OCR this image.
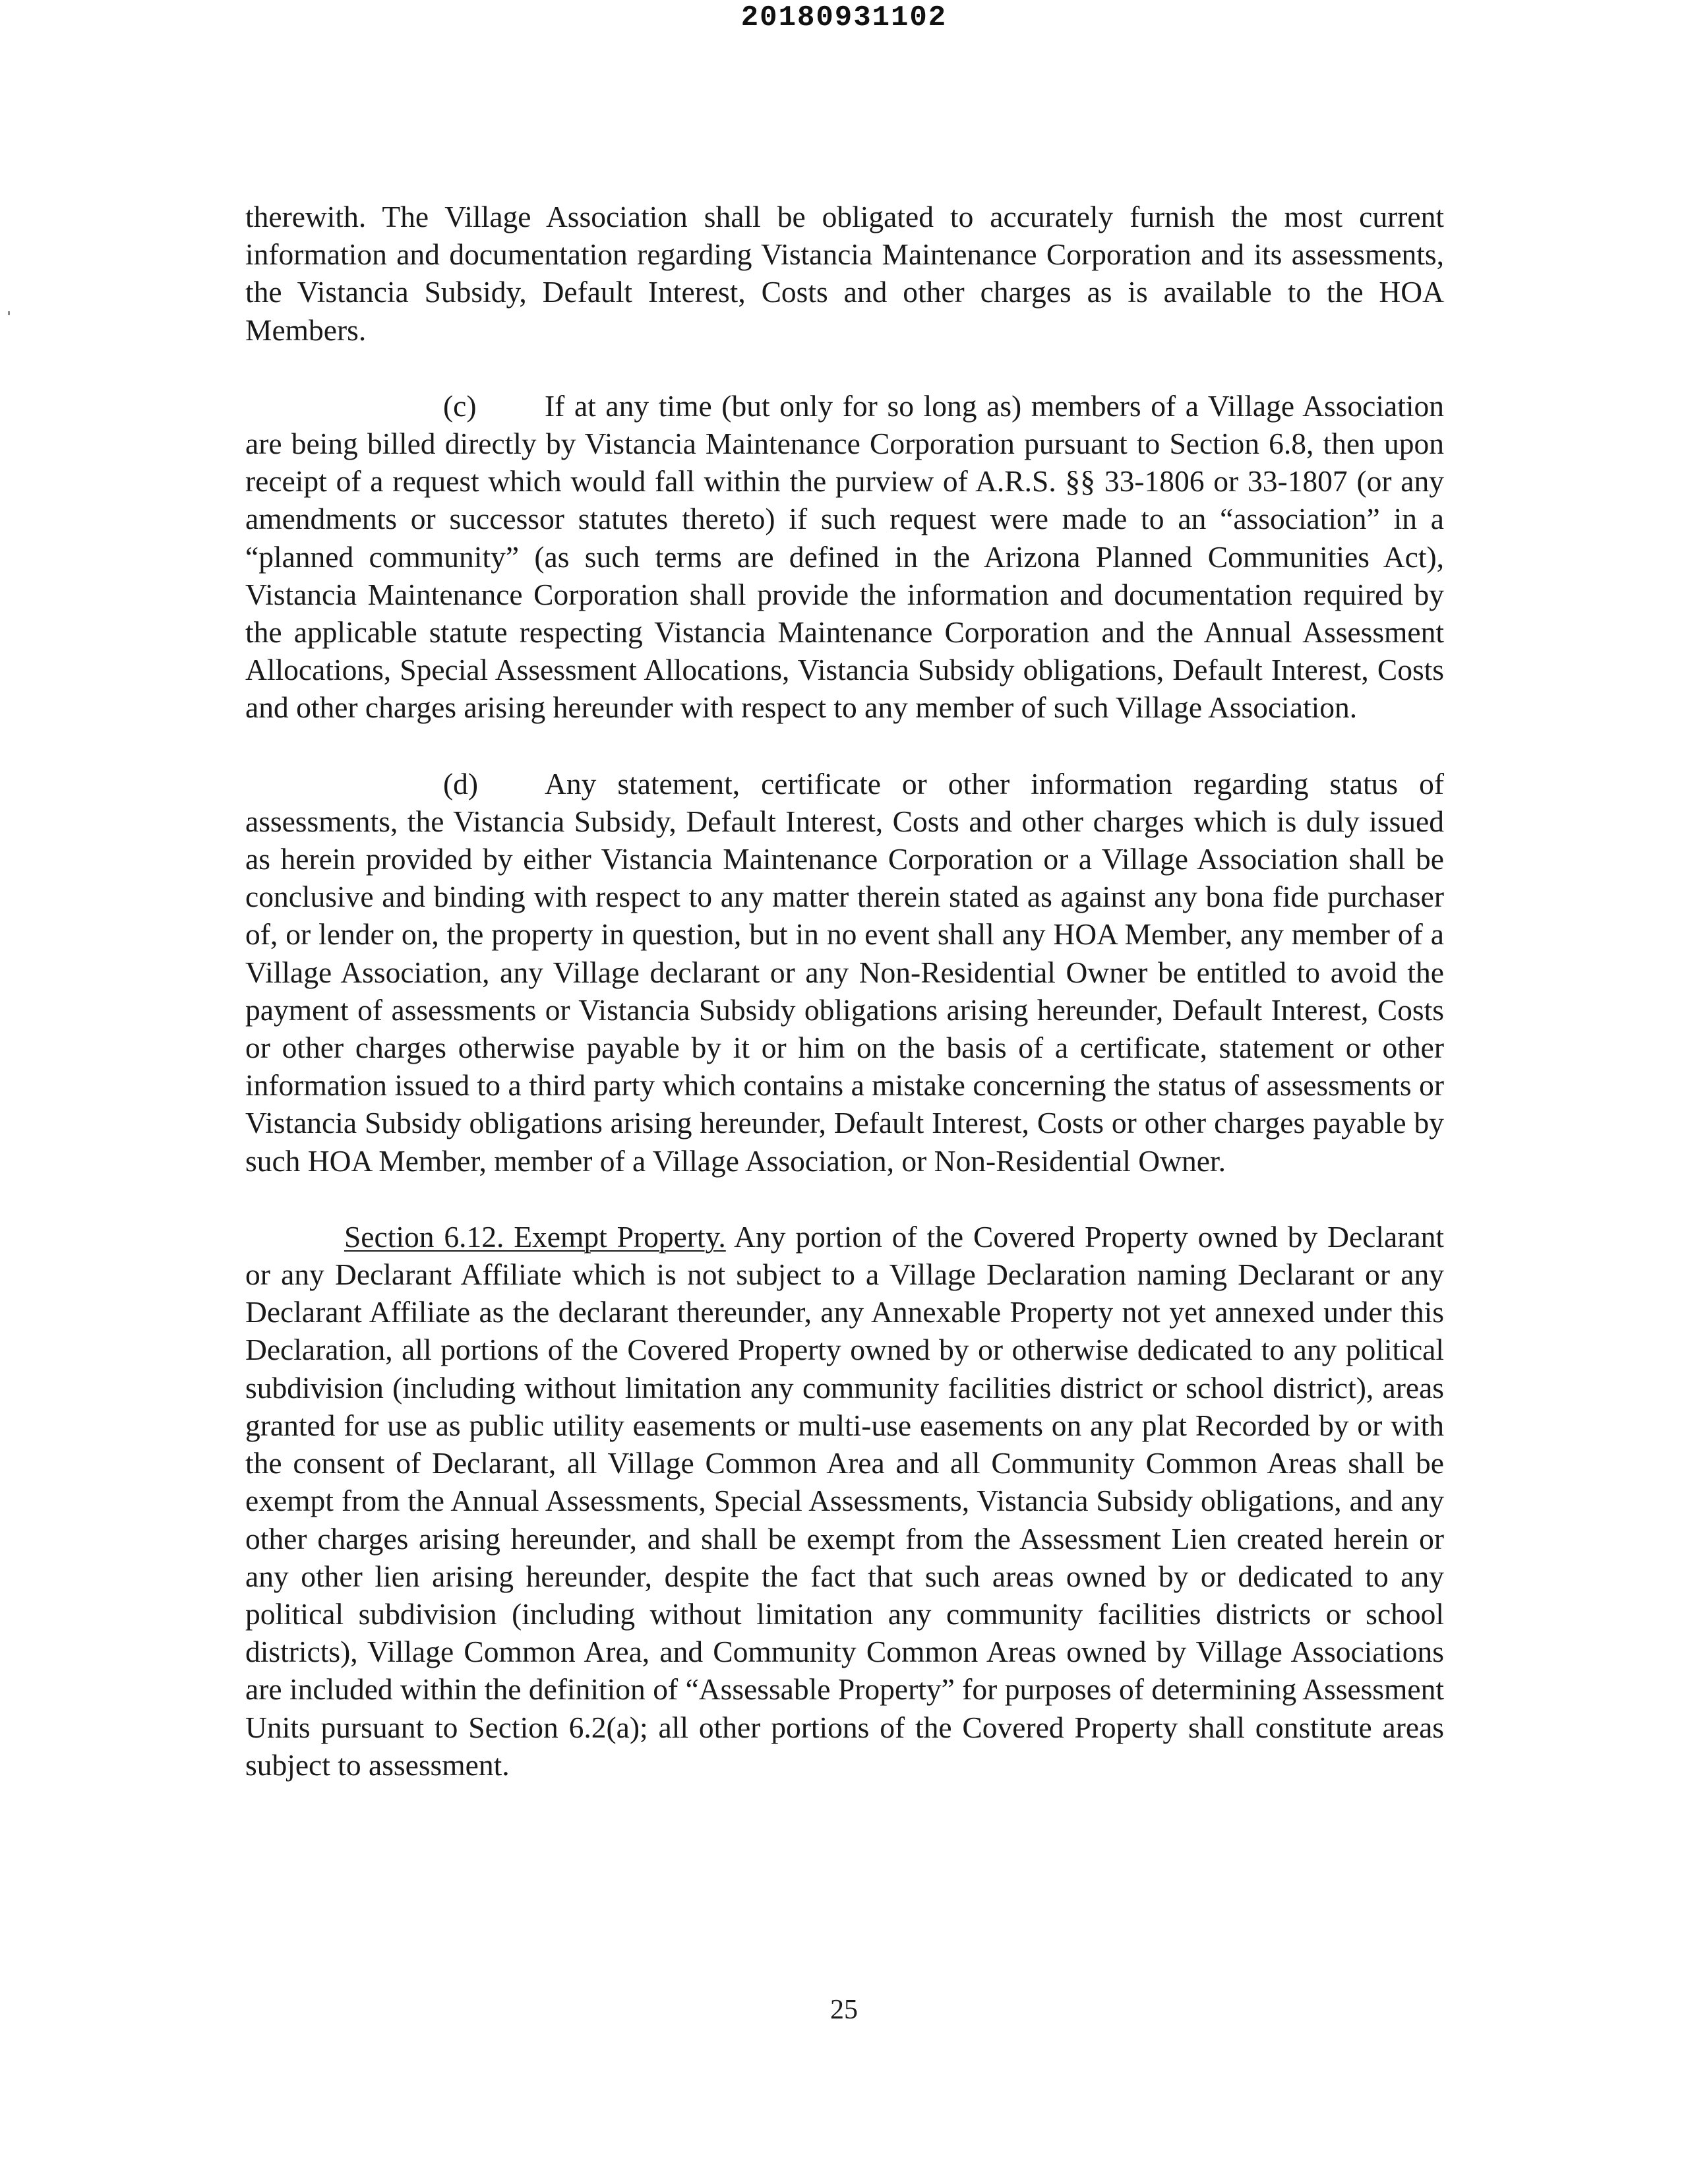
20180931102

therewith. The Village Association shall be obligated to accurately furnish the most current information and documentation regarding Vistancia Maintenance Corporation and its assessments, the Vistancia Subsidy, Default Interest, Costs and other charges as is available to the HOA Members.

(c) If at any time (but only for so long as) members of a Village Association are being billed directly by Vistancia Maintenance Corporation pursuant to Section 6.8, then upon receipt of a request which would fall within the purview of A.R.S. §§ 33-1806 or 33-1807 (or any amendments or successor statutes thereto) if such request were made to an “association” in a “planned community” (as such terms are defined in the Arizona Planned Communities Act), Vistancia Maintenance Corporation shall provide the information and documentation required by the applicable statute respecting Vistancia Maintenance Corporation and the Annual Assessment Allocations, Special Assessment Allocations, Vistancia Subsidy obligations, Default Interest, Costs and other charges arising hereunder with respect to any member of such Village Association.

(d) Any statement, certificate or other information regarding status of assessments, the Vistancia Subsidy, Default Interest, Costs and other charges which is duly issued as herein provided by either Vistancia Maintenance Corporation or a Village Association shall be conclusive and binding with respect to any matter therein stated as against any bona fide purchaser of, or lender on, the property in question, but in no event shall any HOA Member, any member of a Village Association, any Village declarant or any Non-Residential Owner be entitled to avoid the payment of assessments or Vistancia Subsidy obligations arising hereunder, Default Interest, Costs or other charges otherwise payable by it or him on the basis of a certificate, statement or other information issued to a third party which contains a mistake concerning the status of assessments or Vistancia Subsidy obligations arising hereunder, Default Interest, Costs or other charges payable by such HOA Member, member of a Village Association, or Non-Residential Owner.

Section 6.12. Exempt Property. Any portion of the Covered Property owned by Declarant or any Declarant Affiliate which is not subject to a Village Declaration naming Declarant or any Declarant Affiliate as the declarant thereunder, any Annexable Property not yet annexed under this Declaration, all portions of the Covered Property owned by or otherwise dedicated to any political subdivision (including without limitation any community facilities district or school district), areas granted for use as public utility easements or multi-use easements on any plat Recorded by or with the consent of Declarant, all Village Common Area and all Community Common Areas shall be exempt from the Annual Assessments, Special Assessments, Vistancia Subsidy obligations, and any other charges arising hereunder, and shall be exempt from the Assessment Lien created herein or any other lien arising hereunder, despite the fact that such areas owned by or dedicated to any political subdivision (including without limitation any community facilities districts or school districts), Village Common Area, and Community Common Areas owned by Village Associations are included within the definition of “Assessable Property” for purposes of determining Assessment Units pursuant to Section 6.2(a); all other portions of the Covered Property shall constitute areas subject to assessment.

25
